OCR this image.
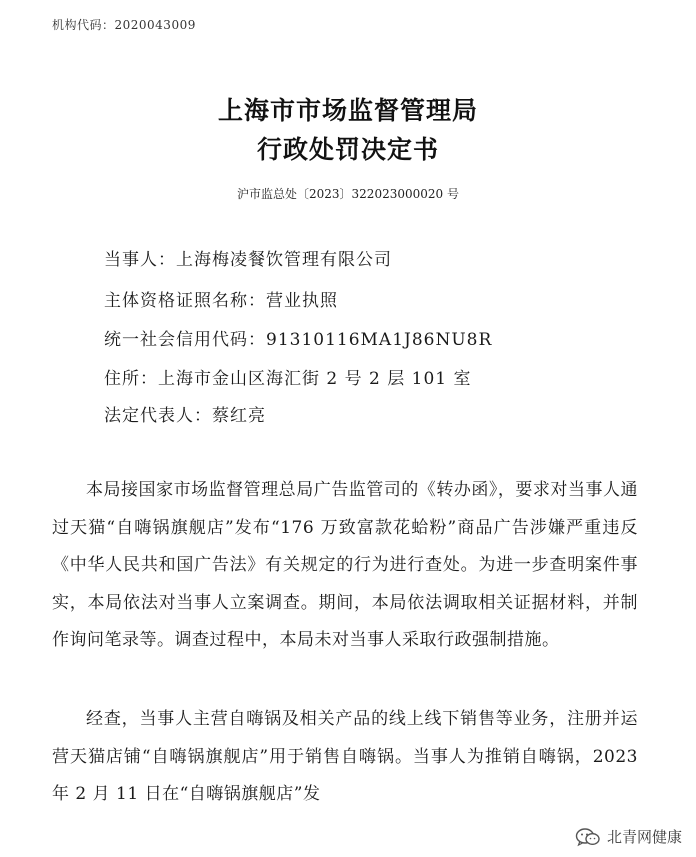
机构代码：2020043009
上海市市场监督管理局
行政处罚决定书
沪市监总处〔2023〕322023000020 号
当事人：上海梅凌餐饮管理有限公司
主体资格证照名称：营业执照
统一社会信用代码：91310116MA1J86NU8R
住所：上海市金山区海汇街 2 号 2 层 101 室
法定代表人：蔡红亮

本局接国家市场监督管理总局广告监管司的《转办函》，要求对当事人通过天猫“自嗨锅旗舰店”发布“176 万致富款花蛤粉”商品广告涉嫌严重违反《中华人民共和国广告法》有关规定的行为进行查处。为进一步查明案件事实，本局依法对当事人立案调查。期间，本局依法调取相关证据材料，并制作询问笔录等。调查过程中，本局未对当事人采取行政强制措施。

经查，当事人主营自嗨锅及相关产品的线上线下销售等业务，注册并运营天猫店铺“自嗨锅旗舰店”用于销售自嗨锅。当事人为推销自嗨锅，2023 年 2 月 11 日在“自嗨锅旗舰店”发

北青网健康
